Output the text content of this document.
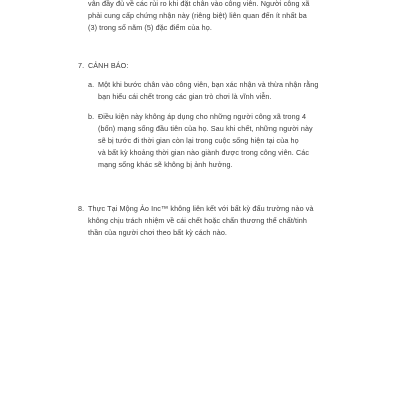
vẫn đầy đủ về các rủi ro khi đặt chân vào công viên. Người công xã
phải cung cấp chứng nhận này (riêng biệt) liên quan đến ít nhất ba
(3) trong số năm (5) đặc điểm của họ.
7. CẢNH BÁO:
a. Một khi bước chân vào công viên, bạn xác nhận và thừa nhận rằng
bạn hiểu cái chết trong các gian trò chơi là vĩnh viễn.
b. Điều kiện này không áp dụng cho những người công xã trong 4
(bốn) mạng sống đầu tiên của họ. Sau khi chết, những người này
sẽ bị tước đi thời gian còn lại trong cuộc sống hiện tại của họ
và bất kỳ khoảng thời gian nào giành được trong công viên. Các
mạng sống khác sẽ không bị ảnh hưởng.
8. Thực Tại Mộng Ảo Inc™ không liên kết với bất kỳ đấu trường nào và
không chịu trách nhiệm về cái chết hoặc chấn thương thể chất/tinh
thần của người chơi theo bất kỳ cách nào.
